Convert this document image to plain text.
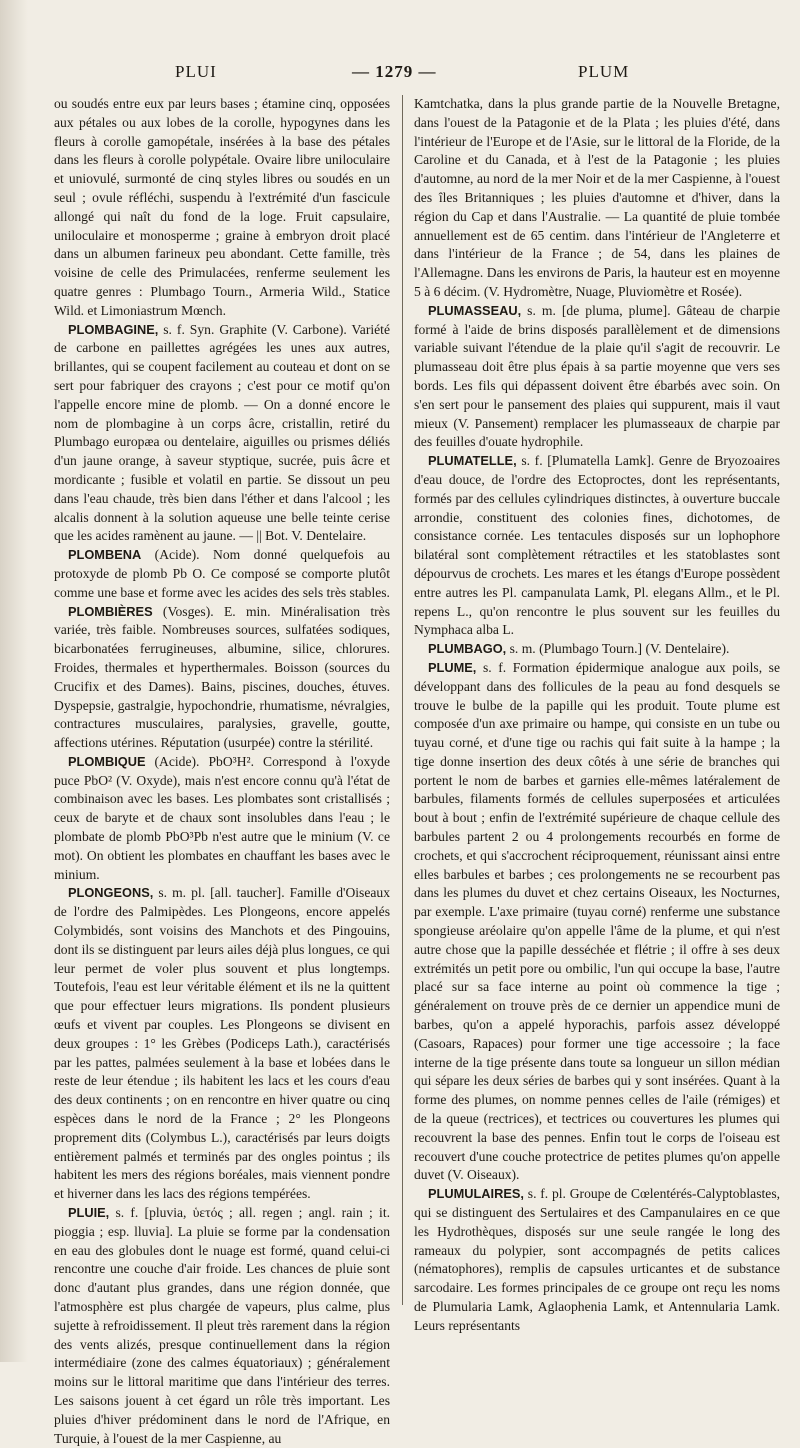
PLUI	— 1279 —	PLUM

ou soudés entre eux par leurs bases ; étamine cinq, opposées aux pétales ou aux lobes de la corolle, hypogynes dans les fleurs à corolle gamopétale, insérées à la base des pétales dans les fleurs à corolle polypétale. Ovaire libre uniloculaire et uniovulé, surmonté de cinq styles libres ou soudés en un seul ; ovule réfléchi, suspendu à l'extrémité d'un fascicule allongé qui naît du fond de la loge. Fruit capsulaire, uniloculaire et monosperme ; graine à embryon droit placé dans un albumen farineux peu abondant. Cette famille, très voisine de celle des Primulacées, renferme seulement les quatre genres : Plumbago Tourn., Armeria Wild., Statice Wild. et Limoniastrum Mœnch.

PLOMBAGINE, s. f. Syn. Graphite (V. Carbone). Variété de carbone en paillettes agrégées les unes aux autres, brillantes, qui se coupent facilement au couteau et dont on se sert pour fabriquer des crayons ; c'est pour ce motif qu'on l'appelle encore mine de plomb. — On a donné encore le nom de plombagine à un corps âcre, cristallin, retiré du Plumbago europæa ou dentelaire, aiguilles ou prismes déliés d'un jaune orange, à saveur styptique, sucrée, puis âcre et mordicante ; fusible et volatil en partie. Se dissout un peu dans l'eau chaude, très bien dans l'éther et dans l'alcool ; les alcalis donnent à la solution aqueuse une belle teinte cerise que les acides ramènent au jaune. — || Bot. V. Dentelaire.

PLOMBENA (Acide). Nom donné quelquefois au protoxyde de plomb Pb O. Ce composé se comporte plutôt comme une base et forme avec les acides des sels très stables.

PLOMBIÈRES (Vosges). E. min. Minéralisation très variée, très faible. Nombreuses sources, sulfatées sodiques, bicarbonatées ferrugineuses, albumine, silice, chlorures. Froides, thermales et hyperthermales. Boisson (sources du Crucifix et des Dames). Bains, piscines, douches, étuves. Dyspepsie, gastralgie, hypochondrie, rhumatisme, névralgies, contractures musculaires, paralysies, gravelle, goutte, affections utérines. Réputation (usurpée) contre la stérilité.

PLOMBIQUE (Acide). PbO³H². Correspond à l'oxyde puce PbO² (V. Oxyde), mais n'est encore connu qu'à l'état de combinaison avec les bases. Les plombates sont cristallisés ; ceux de baryte et de chaux sont insolubles dans l'eau ; le plombate de plomb PbO³Pb n'est autre que le minium (V. ce mot). On obtient les plombates en chauffant les bases avec le minium.

PLONGEONS, s. m. pl. [all. taucher]. Famille d'Oiseaux de l'ordre des Palmipèdes. Les Plongeons, encore appelés Colymbidés, sont voisins des Manchots et des Pingouins, dont ils se distinguent par leurs ailes déjà plus longues, ce qui leur permet de voler plus souvent et plus longtemps. Toutefois, l'eau est leur véritable élément et ils ne la quittent que pour effectuer leurs migrations. Ils pondent plusieurs œufs et vivent par couples. Les Plongeons se divisent en deux groupes : 1° les Grèbes (Podiceps Lath.), caractérisés par les pattes, palmées seulement à la base et lobées dans le reste de leur étendue ; ils habitent les lacs et les cours d'eau des deux continents ; on en rencontre en hiver quatre ou cinq espèces dans le nord de la France ; 2° les Plongeons proprement dits (Colymbus L.), caractérisés par leurs doigts entièrement palmés et terminés par des ongles pointus ; ils habitent les mers des régions boréales, mais viennent pondre et hiverner dans les lacs des régions tempérées.

PLUIE, s. f. [pluvia, ὑετός ; all. regen ; angl. rain ; it. pioggia ; esp. lluvia]. La pluie se forme par la condensation en eau des globules dont le nuage est formé, quand celui-ci rencontre une couche d'air froide. Les chances de pluie sont donc d'autant plus grandes, dans une région donnée, que l'atmosphère est plus chargée de vapeurs, plus calme, plus sujette à refroidissement. Il pleut très rarement dans la région des vents alizés, presque continuellement dans la région intermédiaire (zone des calmes équatoriaux) ; généralement moins sur le littoral maritime que dans l'intérieur des terres. Les saisons jouent à cet égard un rôle très important. Les pluies d'hiver prédominent dans le nord de l'Afrique, en Turquie, à l'ouest de la mer Caspienne, au

Kamtchatka, dans la plus grande partie de la Nouvelle Bretagne, dans l'ouest de la Patagonie et de la Plata ; les pluies d'été, dans l'intérieur de l'Europe et de l'Asie, sur le littoral de la Floride, de la Caroline et du Canada, et à l'est de la Patagonie ; les pluies d'automne, au nord de la mer Noir et de la mer Caspienne, à l'ouest des îles Britanniques ; les pluies d'automne et d'hiver, dans la région du Cap et dans l'Australie. — La quantité de pluie tombée annuellement est de 65 centim. dans l'intérieur de l'Angleterre et dans l'intérieur de la France ; de 54, dans les plaines de l'Allemagne. Dans les environs de Paris, la hauteur est en moyenne 5 à 6 décim. (V. Hydromètre, Nuage, Pluviomètre et Rosée).

PLUMASSEAU, s. m. [de pluma, plume]. Gâteau de charpie formé à l'aide de brins disposés parallèlement et de dimensions variable suivant l'étendue de la plaie qu'il s'agit de recouvrir. Le plumasseau doit être plus épais à sa partie moyenne que vers ses bords. Les fils qui dépassent doivent être ébarbés avec soin. On s'en sert pour le pansement des plaies qui suppurent, mais il vaut mieux (V. Pansement) remplacer les plumasseaux de charpie par des feuilles d'ouate hydrophile.

PLUMATELLE, s. f. [Plumatella Lamk]. Genre de Bryozoaires d'eau douce, de l'ordre des Ectoproctes, dont les représentants, formés par des cellules cylindriques distinctes, à ouverture buccale arrondie, constituent des colonies fines, dichotomes, de consistance cornée. Les tentacules disposés sur un lophophore bilatéral sont complètement rétractiles et les statoblastes sont dépourvus de crochets. Les mares et les étangs d'Europe possèdent entre autres les Pl. campanulata Lamk, Pl. elegans Allm., et le Pl. repens L., qu'on rencontre le plus souvent sur les feuilles du Nymphaca alba L.

PLUMBAGO, s. m. (Plumbago Tourn.] (V. Dentelaire).

PLUME, s. f. Formation épidermique analogue aux poils, se développant dans des follicules de la peau au fond desquels se trouve le bulbe de la papille qui les produit. Toute plume est composée d'un axe primaire ou hampe, qui consiste en un tube ou tuyau corné, et d'une tige ou rachis qui fait suite à la hampe ; la tige donne insertion des deux côtés à une série de branches qui portent le nom de barbes et garnies elle-mêmes latéralement de barbules, filaments formés de cellules superposées et articulées bout à bout ; enfin de l'extrémité supérieure de chaque cellule des barbules partent 2 ou 4 prolongements recourbés en forme de crochets, et qui s'accrochent réciproquement, réunissant ainsi entre elles barbules et barbes ; ces prolongements ne se recourbent pas dans les plumes du duvet et chez certains Oiseaux, les Nocturnes, par exemple. L'axe primaire (tuyau corné) renferme une substance spongieuse aréolaire qu'on appelle l'âme de la plume, et qui n'est autre chose que la papille desséchée et flétrie ; il offre à ses deux extrémités un petit pore ou ombilic, l'un qui occupe la base, l'autre placé sur sa face interne au point où commence la tige ; généralement on trouve près de ce dernier un appendice muni de barbes, qu'on a appelé hyporachis, parfois assez développé (Casoars, Rapaces) pour former une tige accessoire ; la face interne de la tige présente dans toute sa longueur un sillon médian qui sépare les deux séries de barbes qui y sont insérées. Quant à la forme des plumes, on nomme pennes celles de l'aile (rémiges) et de la queue (rectrices), et tectrices ou couvertures les plumes qui recouvrent la base des pennes. Enfin tout le corps de l'oiseau est recouvert d'une couche protectrice de petites plumes qu'on appelle duvet (V. Oiseaux).

PLUMULAIRES, s. f. pl. Groupe de Cœlentérés-Calyptoblastes, qui se distinguent des Sertulaires et des Campanulaires en ce que les Hydrothèques, disposés sur une seule rangée le long des rameaux du polypier, sont accompagnés de petits calices (nématophores), remplis de capsules urticantes et de substance sarcodaire. Les formes principales de ce groupe ont reçu les noms de Plumularia Lamk, Aglaophenia Lamk, et Antennularia Lamk. Leurs représentants
